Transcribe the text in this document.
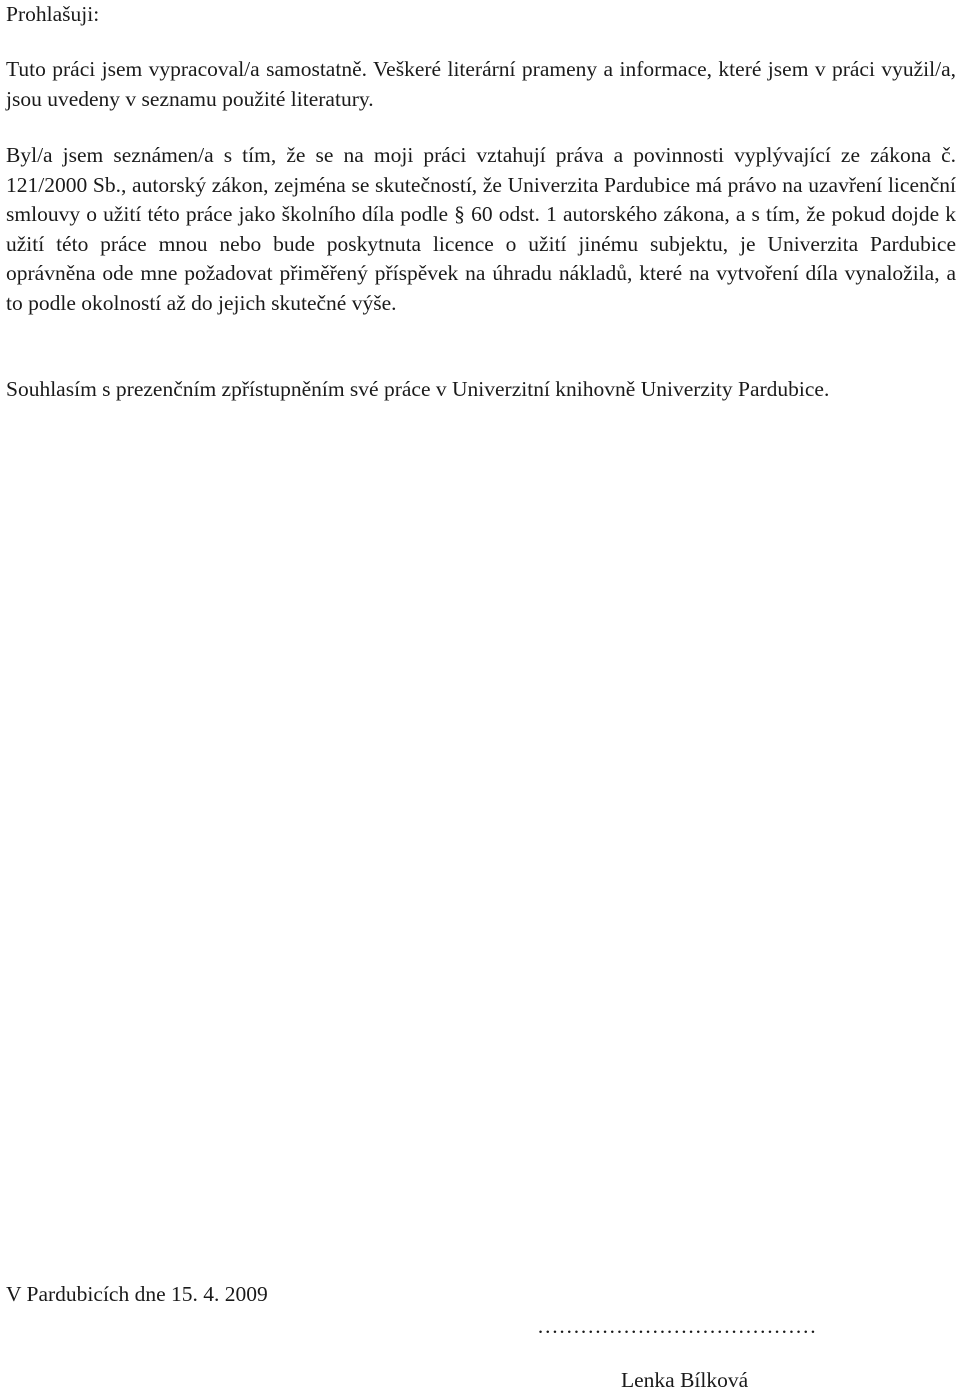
Prohlašuji:

Tuto práci jsem vypracoval/a samostatně. Veškeré literární prameny a informace, které jsem v práci využil/a, jsou uvedeny v seznamu použité literatury.

Byl/a jsem seznámen/a s tím, že se na moji práci vztahují práva a povinnosti vyplývající ze zákona č. 121/2000 Sb., autorský zákon, zejména se skutečností, že Univerzita Pardubice má právo na uzavření licenční smlouvy o užití této práce jako školního díla podle § 60 odst. 1 autorského zákona, a s tím, že pokud dojde k užití této práce mnou nebo bude poskytnuta licence o užití jinému subjektu, je Univerzita Pardubice oprávněna ode mne požadovat přiměřený příspěvek na úhradu nákladů, které na vytvoření díla vynaložila, a to podle okolností až do jejich skutečné výše.

Souhlasím s prezenčním zpřístupněním své práce v Univerzitní knihovně Univerzity Pardubice.

V Pardubicích dne 15. 4. 2009

…………………………………

Lenka Bílková
